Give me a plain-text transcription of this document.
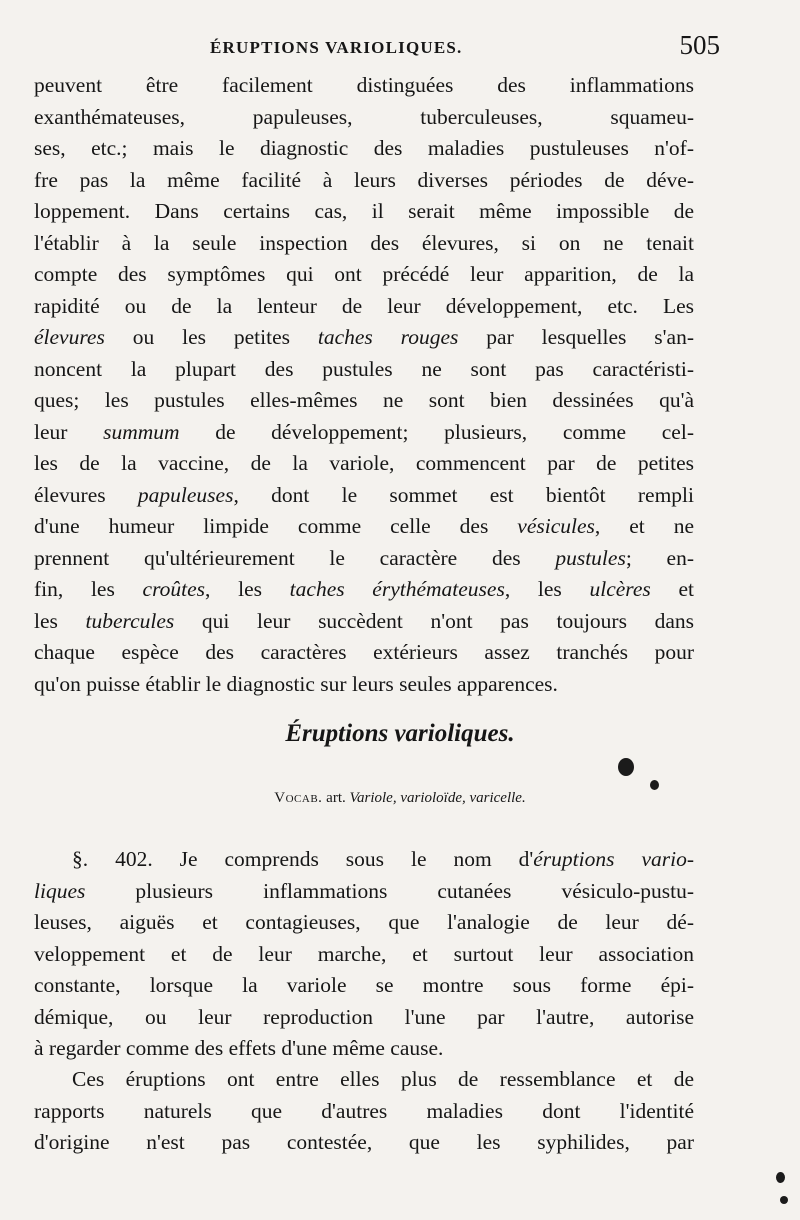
ÉRUPTIONS VARIOLIQUES.	505
peuvent être facilement distinguées des inflammations
exanthémateuses, papuleuses, tuberculeuses, squameu-
ses, etc.; mais le diagnostic des maladies pustuleuses n'of-
fre pas la même facilité à leurs diverses périodes de déve-
loppement. Dans certains cas, il serait même impossible de
l'établir à la seule inspection des élevures, si on ne tenait
compte des symptômes qui ont précédé leur apparition, de la
rapidité ou de la lenteur de leur développement, etc. Les
élevures ou les petites taches rouges par lesquelles s'an-
noncent la plupart des pustules ne sont pas caractéristi-
ques; les pustules elles-mêmes ne sont bien dessinées qu'à
leur summum de développement; plusieurs, comme cel-
les de la vaccine, de la variole, commencent par de petites
élevures papuleuses, dont le sommet est bientôt rempli
d'une humeur limpide comme celle des vésicules, et ne
prennent qu'ultérieurement le caractère des pustules; en-
fin, les croûtes, les taches érythémateuses, les ulcères et
les tubercules qui leur succèdent n'ont pas toujours dans
chaque espèce des caractères extérieurs assez tranchés pour
qu'on puisse établir le diagnostic sur leurs seules apparences.
Éruptions varioliques.
Vocab. art. Variole, varioloïde, varicelle.
§. 402. Je comprends sous le nom d'éruptions vario-
liques plusieurs inflammations cutanées vésiculo-pustu-
leuses, aiguës et contagieuses, que l'analogie de leur dé-
veloppement et de leur marche, et surtout leur association
constante, lorsque la variole se montre sous forme épi-
démique, ou leur reproduction l'une par l'autre, autorise
à regarder comme des effets d'une même cause.
Ces éruptions ont entre elles plus de ressemblance et de
rapports naturels que d'autres maladies dont l'identité
d'origine n'est pas contestée, que les syphilides, par
